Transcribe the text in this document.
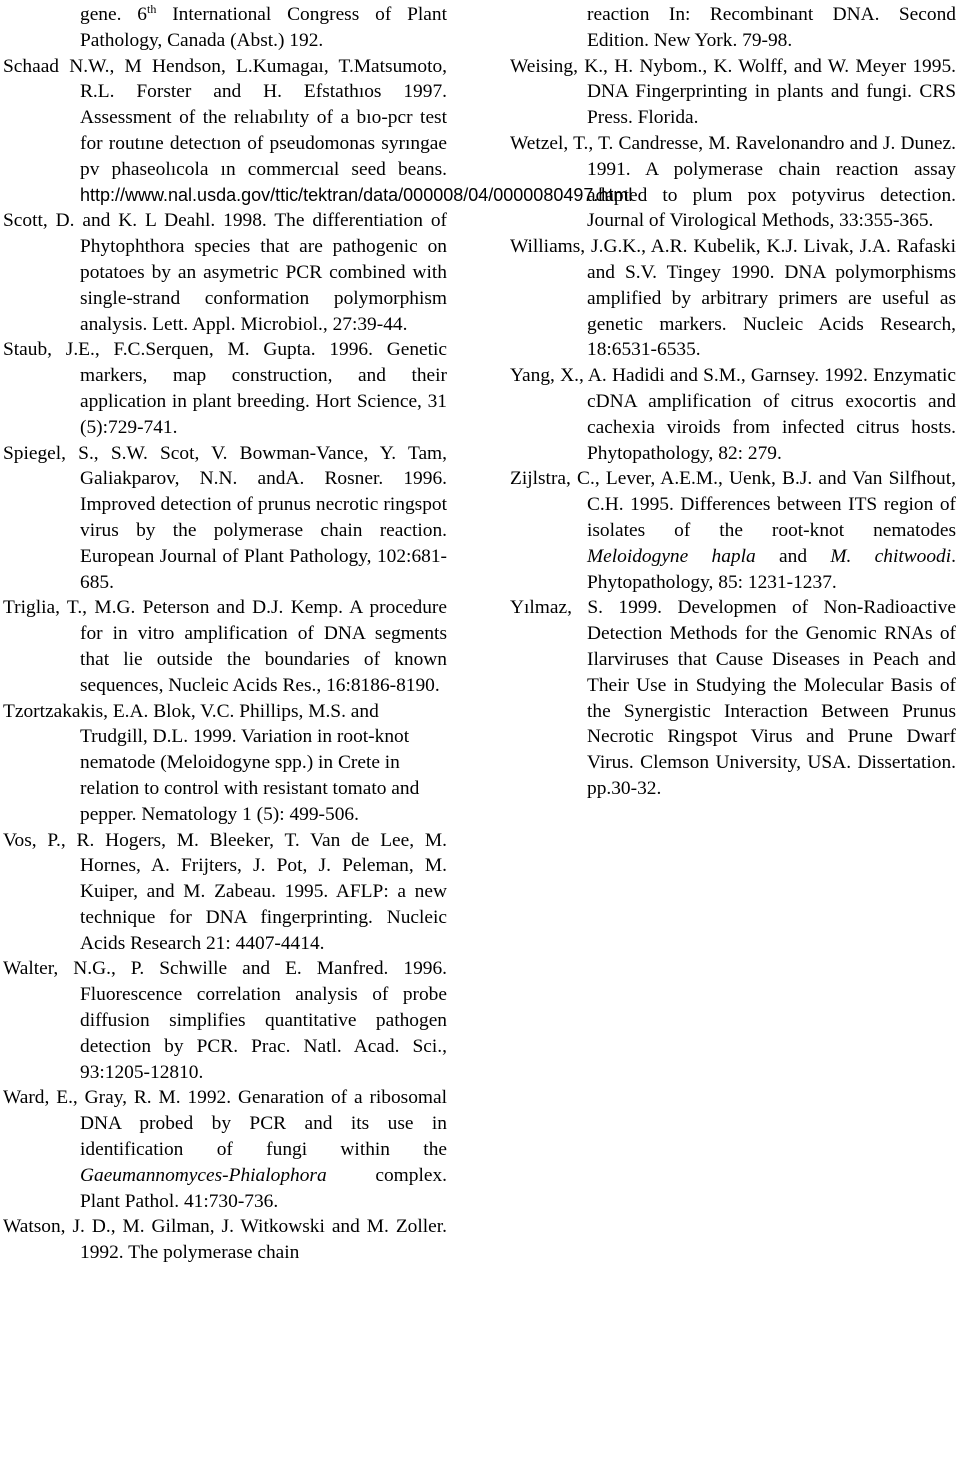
gene. 6th International Congress of Plant Pathology, Canada (Abst.) 192.

Schaad N.W., M Hendson, L.Kumagaı, T.Matsumoto, R.L. Forster and H. Efstathıos 1997. Assessment of the relıabılıty of a bıo-pcr test for routıne detectıon of pseudomonas syrıngae pv phaseolıcola ın commercıal seed beans. http://www.nal.usda.gov/ttic/tektran/data/000008/04/0000080497.html

Scott, D. and K. L Deahl. 1998. The differentiation of Phytophthora species that are pathogenic on potatoes by an asymetric PCR combined with single-strand conformation polymorphism analysis. Lett. Appl. Microbiol., 27:39-44.

Staub, J.E., F.C.Serquen, M. Gupta. 1996. Genetic markers, map construction, and their application in plant breeding. Hort Science, 31 (5):729-741.

Spiegel, S., S.W. Scot, V. Bowman-Vance, Y. Tam, Galiakparov, N.N. andA. Rosner. 1996. Improved detection of prunus necrotic ringspot virus by the polymerase chain reaction. European Journal of Plant Pathology, 102:681-685.

Triglia, T., M.G. Peterson and D.J. Kemp. A procedure for in vitro amplification of DNA segments that lie outside the boundaries of known sequences, Nucleic Acids Res., 16:8186-8190.

Tzortzakakis, E.A. Blok, V.C. Phillips, M.S. and Trudgill, D.L. 1999. Variation in root-knot nematode (Meloidogyne spp.) in Crete in relation to control with resistant tomato and pepper. Nematology 1 (5): 499-506.

Vos, P., R. Hogers, M. Bleeker, T. Van de Lee, M. Hornes, A. Frijters, J. Pot, J. Peleman, M. Kuiper, and M. Zabeau. 1995. AFLP: a new technique for DNA fingerprinting. Nucleic Acids Research 21: 4407-4414.

Walter, N.G., P. Schwille and E. Manfred. 1996. Fluorescence correlation analysis of probe diffusion simplifies quantitative pathogen detection by PCR. Prac. Natl. Acad. Sci., 93:1205-12810.

Ward, E., Gray, R. M. 1992. Genaration of a ribosomal DNA probed by PCR and its use in identification of fungi within the Gaeumannomyces-Phialophora complex. Plant Pathol. 41:730-736.

Watson, J. D., M. Gilman, J. Witkowski and M. Zoller. 1992. The polymerase chain

reaction In: Recombinant DNA. Second Edition. New York. 79-98.

Weising, K., H. Nybom., K. Wolff, and W. Meyer 1995. DNA Fingerprinting in plants and fungi. CRS Press. Florida.

Wetzel, T., T. Candresse, M. Ravelonandro and J. Dunez. 1991. A polymerase chain reaction assay adapted to plum pox potyvirus detection. Journal of Virological Methods, 33:355-365.

Williams, J.G.K., A.R. Kubelik, K.J. Livak, J.A. Rafaski and S.V. Tingey 1990. DNA polymorphisms amplified by arbitrary primers are useful as genetic markers. Nucleic Acids Research, 18:6531-6535.

Yang, X., A. Hadidi and S.M., Garnsey. 1992. Enzymatic cDNA amplification of citrus exocortis and cachexia viroids from infected citrus hosts. Phytopathology, 82: 279.

Zijlstra, C., Lever, A.E.M., Uenk, B.J. and Van Silfhout, C.H. 1995. Differences between ITS region of isolates of the root-knot nematodes Meloidogyne hapla and M. chitwoodi. Phytopathology, 85: 1231-1237.

Yılmaz, S. 1999. Developmen of Non-Radioactive Detection Methods for the Genomic RNAs of Ilarviruses that Cause Diseases in Peach and Their Use in Studying the Molecular Basis of the Synergistic Interaction Between Prunus Necrotic Ringspot Virus and Prune Dwarf Virus. Clemson University, USA. Dissertation. pp.30-32.
